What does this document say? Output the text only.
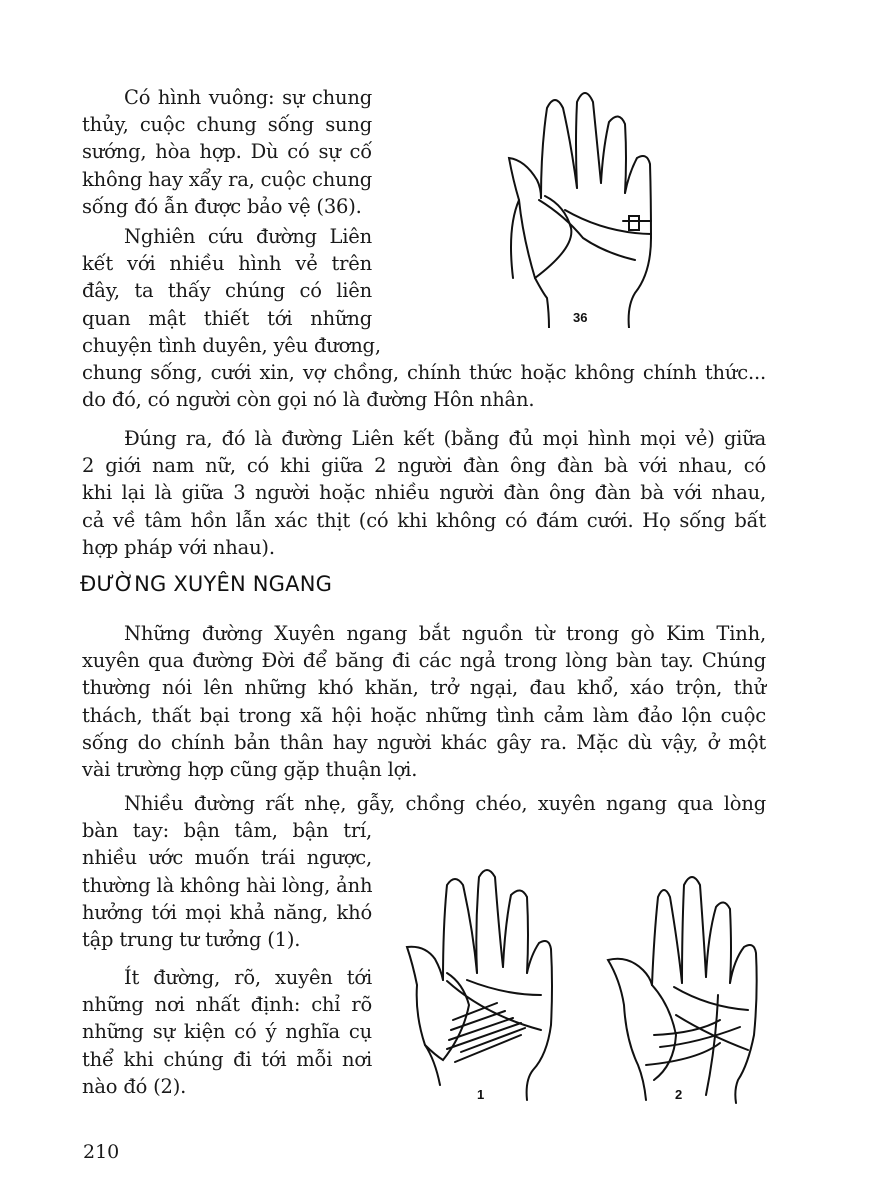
Có hình vuông: sự chung
thủy, cuộc chung sống sung
sướng, hòa hợp. Dù có sự cố
không hay xẩy ra, cuộc chung
sống đó ẫn được bảo vệ (36).
Nghiên cứu đường Liên
kết với nhiều hình vẻ trên
đây, ta thấy chúng có liên
quan mật thiết tới những
chuyện tình duyên, yêu đương,
chung sống, cưới xin, vợ chồng, chính thức hoặc không chính thức...
do đó, có người còn gọi nó là đường Hôn nhân.
36
Đúng ra, đó là đường Liên kết (bằng đủ mọi hình mọi vẻ) giữa
2 giới nam nữ, có khi giữa 2 người đàn ông đàn bà với nhau, có
khi lại là giữa 3 người hoặc nhiều người đàn ông đàn bà với nhau,
cả về tâm hồn lẫn xác thịt (có khi không có đám cưới. Họ sống bất
hợp pháp với nhau).
ĐƯỜNG XUYÊN NGANG
Những đường Xuyên ngang bắt nguồn từ trong gò Kim Tinh,
xuyên qua đường Đời để băng đi các ngả trong lòng bàn tay. Chúng
thường nói lên những khó khăn, trở ngại, đau khổ, xáo trộn, thử
thách, thất bại trong xã hội hoặc những tình cảm làm đảo lộn cuộc
sống do chính bản thân hay người khác gây ra. Mặc dù vậy, ở một
vài trường hợp cũng gặp thuận lợi.
Nhiều đường rất nhẹ, gẫy, chồng chéo, xuyên ngang qua lòng
bàn tay: bận tâm, bận trí,
nhiều ước muốn trái ngược,
thường là không hài lòng, ảnh
hưởng tới mọi khả năng, khó
tập trung tư tưởng (1).
Ít đường, rõ, xuyên tới
những nơi nhất định: chỉ rõ
những sự kiện có ý nghĩa cụ
thể khi chúng đi tới mỗi nơi
nào đó (2).	1	2
210
